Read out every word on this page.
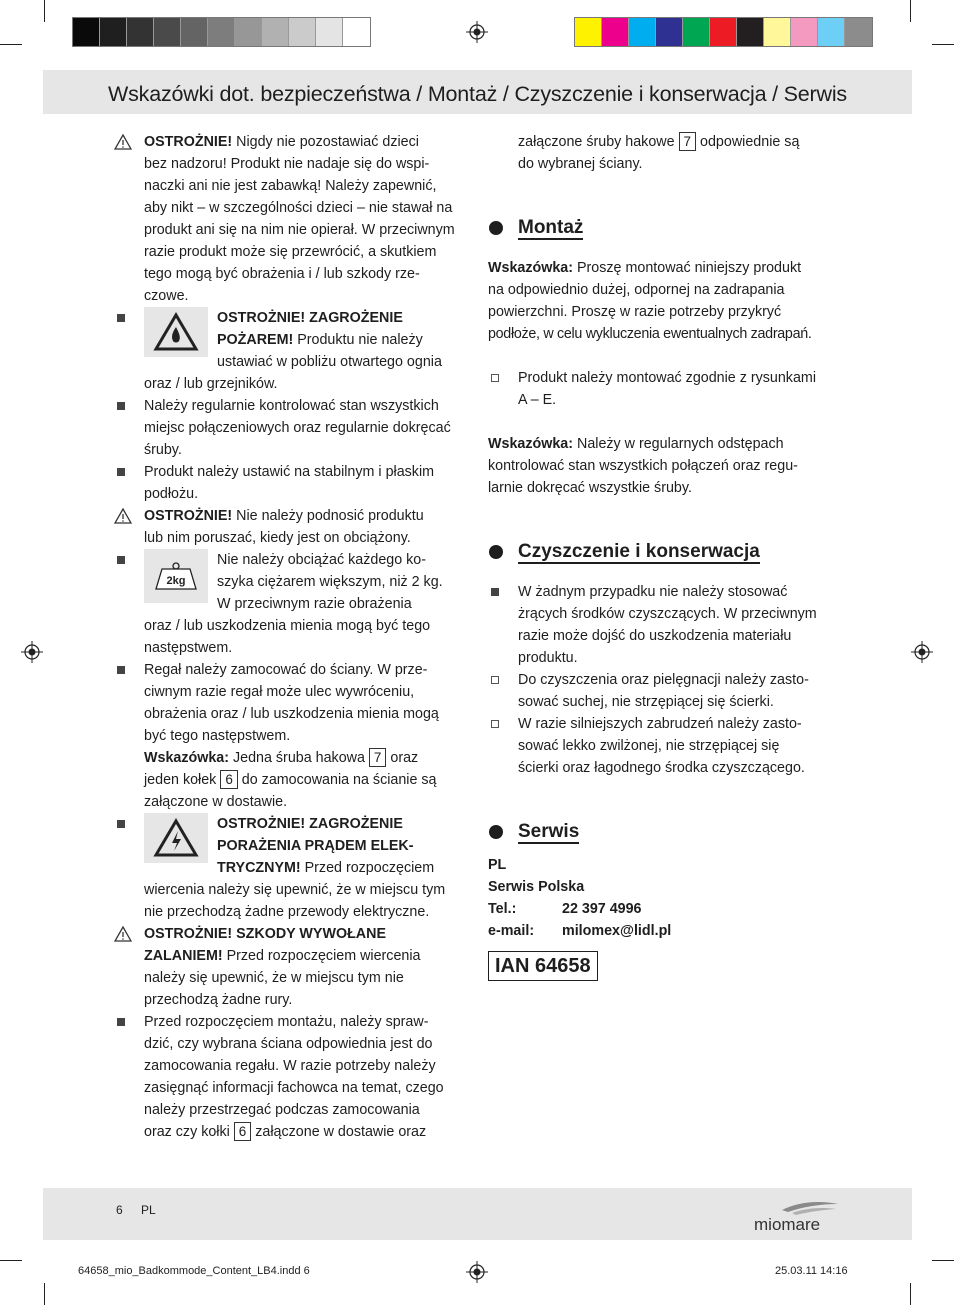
Wskazówki dot. bezpieczeństwa / Montaż / Czyszczenie i konserwacja / Serwis
OSTROŻNIE! Nigdy nie pozostawiać dzieci
bez nadzoru! Produkt nie nadaje się do wspi-
naczki ani nie jest zabawką! Należy zapewnić,
aby nikt – w szczególności dzieci – nie stawał na
produkt ani się na nim nie opierał. W przeciwnym
razie produkt może się przewrócić, a skutkiem
tego mogą być obrażenia i / lub szkody rze-
czowe.
OSTROŻNIE! ZAGROŻENIE
POŻAREM! Produktu nie należy
ustawiać w pobliżu otwartego ognia
oraz / lub grzejników.
Należy regularnie kontrolować stan wszystkich
miejsc połączeniowych oraz regularnie dokręcać
śruby.
Produkt należy ustawić na stabilnym i płaskim
podłożu.
OSTROŻNIE! Nie należy podnosić produktu
lub nim poruszać, kiedy jest on obciążony.
2kg
Nie należy obciążać każdego ko-
szyka ciężarem większym, niż 2 kg.
W przeciwnym razie obrażenia
oraz / lub uszkodzenia mienia mogą być tego
następstwem.
Regał należy zamocować do ściany. W prze-
ciwnym razie regał może ulec wywróceniu,
obrażenia oraz / lub uszkodzenia mienia mogą
być tego następstwem.
Wskazówka: Jedna śruba hakowa 7 oraz
jeden kołek 6 do zamocowania na ścianie są
załączone w dostawie.
OSTROŻNIE! ZAGROŻENIE
PORAŻENIA PRĄDEM ELEK-
TRYCZNYM! Przed rozpoczęciem
wiercenia należy się upewnić, że w miejscu tym
nie przechodzą żadne przewody elektryczne.
OSTROŻNIE! SZKODY WYWOŁANE
ZALANIEM! Przed rozpoczęciem wiercenia
należy się upewnić, że w miejscu tym nie
przechodzą żadne rury.
Przed rozpoczęciem montażu, należy spraw-
dzić, czy wybrana ściana odpowiednia jest do
zamocowania regału. W razie potrzeby należy
zasięgnąć informacji fachowca na temat, czego
należy przestrzegać podczas zamocowania
oraz czy kołki 6 załączone w dostawie oraz
załączone śruby hakowe 7 odpowiednie są
do wybranej ściany.
Montaż
Wskazówka: Proszę montować niniejszy produkt
na odpowiednio dużej, odpornej na zadrapania
powierzchni. Proszę w razie potrzeby przykryć
podłoże, w celu wykluczenia ewentualnych zadrapań.
Produkt należy montować zgodnie z rysunkami
A – E.
Wskazówka: Należy w regularnych odstępach
kontrolować stan wszystkich połączeń oraz regu-
larnie dokręcać wszystkie śruby.
Czyszczenie i konserwacja
W żadnym przypadku nie należy stosować
żrących środków czyszczących. W przeciwnym
razie może dojść do uszkodzenia materiału
produktu.
Do czyszczenia oraz pielęgnacji należy zasto-
sować suchej, nie strzępiącej się ścierki.
W razie silniejszych zabrudzeń należy zasto-
sować lekko zwilżonej, nie strzępiącej się
ścierki oraz łagodnego środka czyszczącego.
Serwis
PL
Serwis Polska
Tel.:	22 397 4996
e-mail:	milomex@lidl.pl
IAN 64658
6 PL
miomare
64658_mio_Badkommode_Content_LB4.indd 6	25.03.11 14:16
